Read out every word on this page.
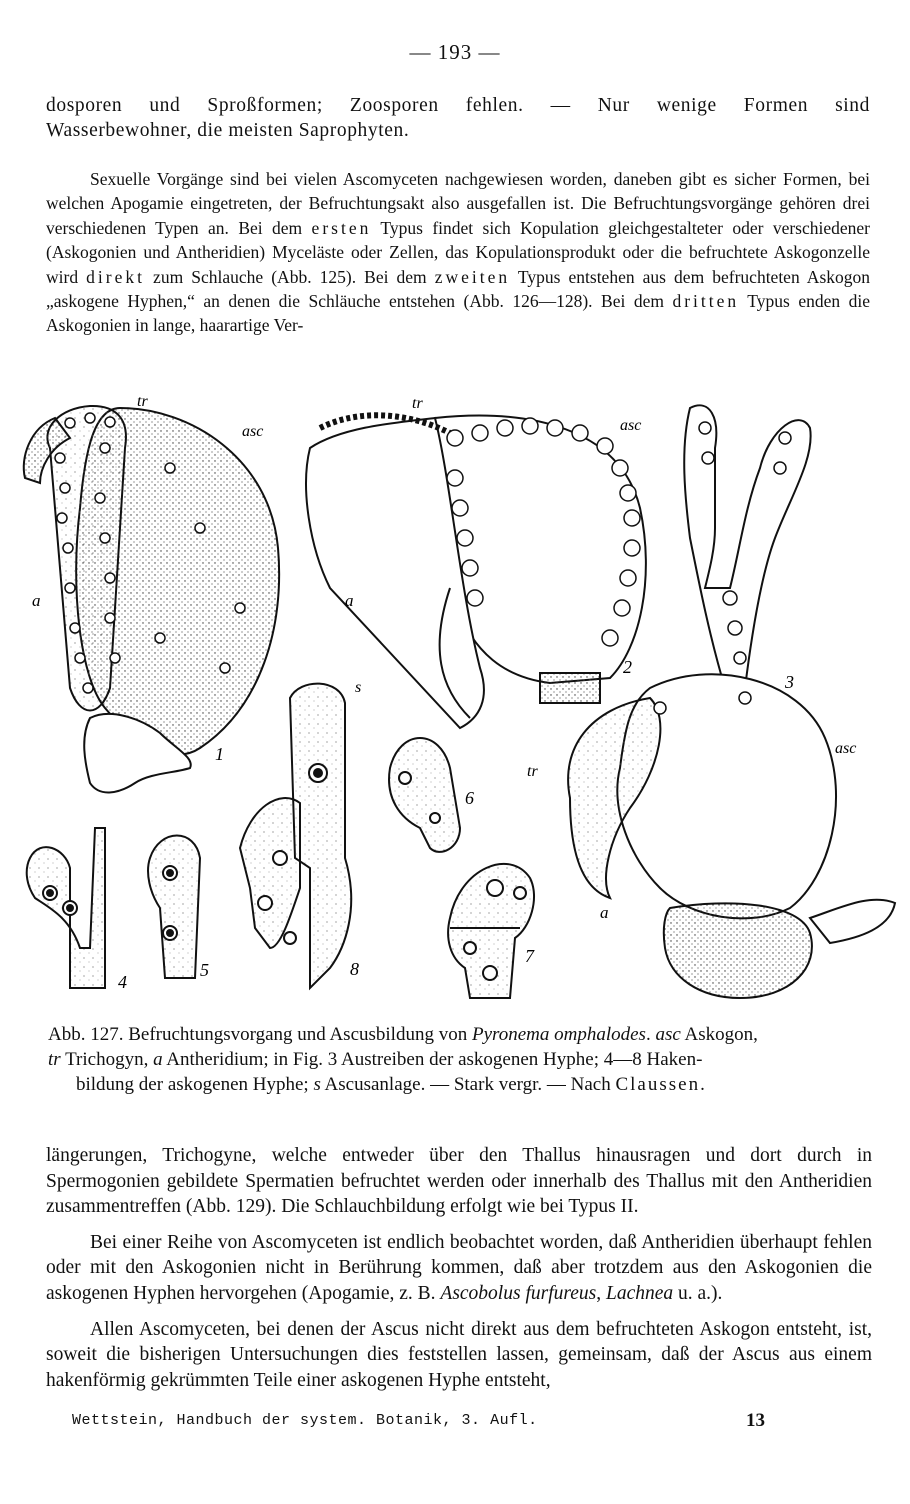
— 193 —

dosporen und Sproßformen; Zoosporen fehlen. — Nur wenige Formen sind

Wasserbewohner, die meisten Saprophyten.

Sexuelle Vorgänge sind bei vielen Ascomyceten nachgewiesen worden, daneben gibt es sicher Formen, bei welchen Apogamie eingetreten, der Befruchtungsakt also ausgefallen ist. Die Befruchtungsvorgänge gehören drei verschiedenen Typen an. Bei dem ersten Typus findet sich Kopulation gleichgestalteter oder verschiedener (Askogonien und Antheridien) Myceläste oder Zellen, das Kopulationsprodukt oder die befruchtete Askogonzelle wird direkt zum Schlauche (Abb. 125). Bei dem zweiten Typus entstehen aus dem befruchteten Askogon „askogene Hyphen,“ an denen die Schläuche entstehen (Abb. 126—128). Bei dem dritten Typus enden die Askogonien in lange, haarartige Ver-

tr
asc
a
1
tr
asc
a
2
3
asc
tr
a
4
5
s
6
7
8
Abb. 127. Befruchtungsvorgang und Ascusbildung von Pyronema omphalodes. asc Askogon,
tr Trichogyn, a Antheridium; in Fig. 3 Austreiben der askogenen Hyphe; 4—8 Haken-
bildung der askogenen Hyphe; s Ascusanlage. — Stark vergr. — Nach Claussen.

längerungen, Trichogyne, welche entweder über den Thallus hinausragen und dort durch in Spermogonien gebildete Spermatien befruchtet werden oder innerhalb des Thallus mit den Antheridien zusammentreffen (Abb. 129). Die Schlauchbildung erfolgt wie bei Typus II.

Bei einer Reihe von Ascomyceten ist endlich beobachtet worden, daß Antheridien überhaupt fehlen oder mit den Askogonien nicht in Berührung kommen, daß aber trotzdem aus den Askogonien die askogenen Hyphen hervorgehen (Apogamie, z. B. Ascobolus furfureus, Lachnea u. a.).

Allen Ascomyceten, bei denen der Ascus nicht direkt aus dem befruchteten Askogon entsteht, ist, soweit die bisherigen Untersuchungen dies feststellen lassen, gemeinsam, daß der Ascus aus einem hakenförmig gekrümmten Teile einer askogenen Hyphe entsteht,

Wettstein, Handbuch der system. Botanik, 3. Aufl.	13
